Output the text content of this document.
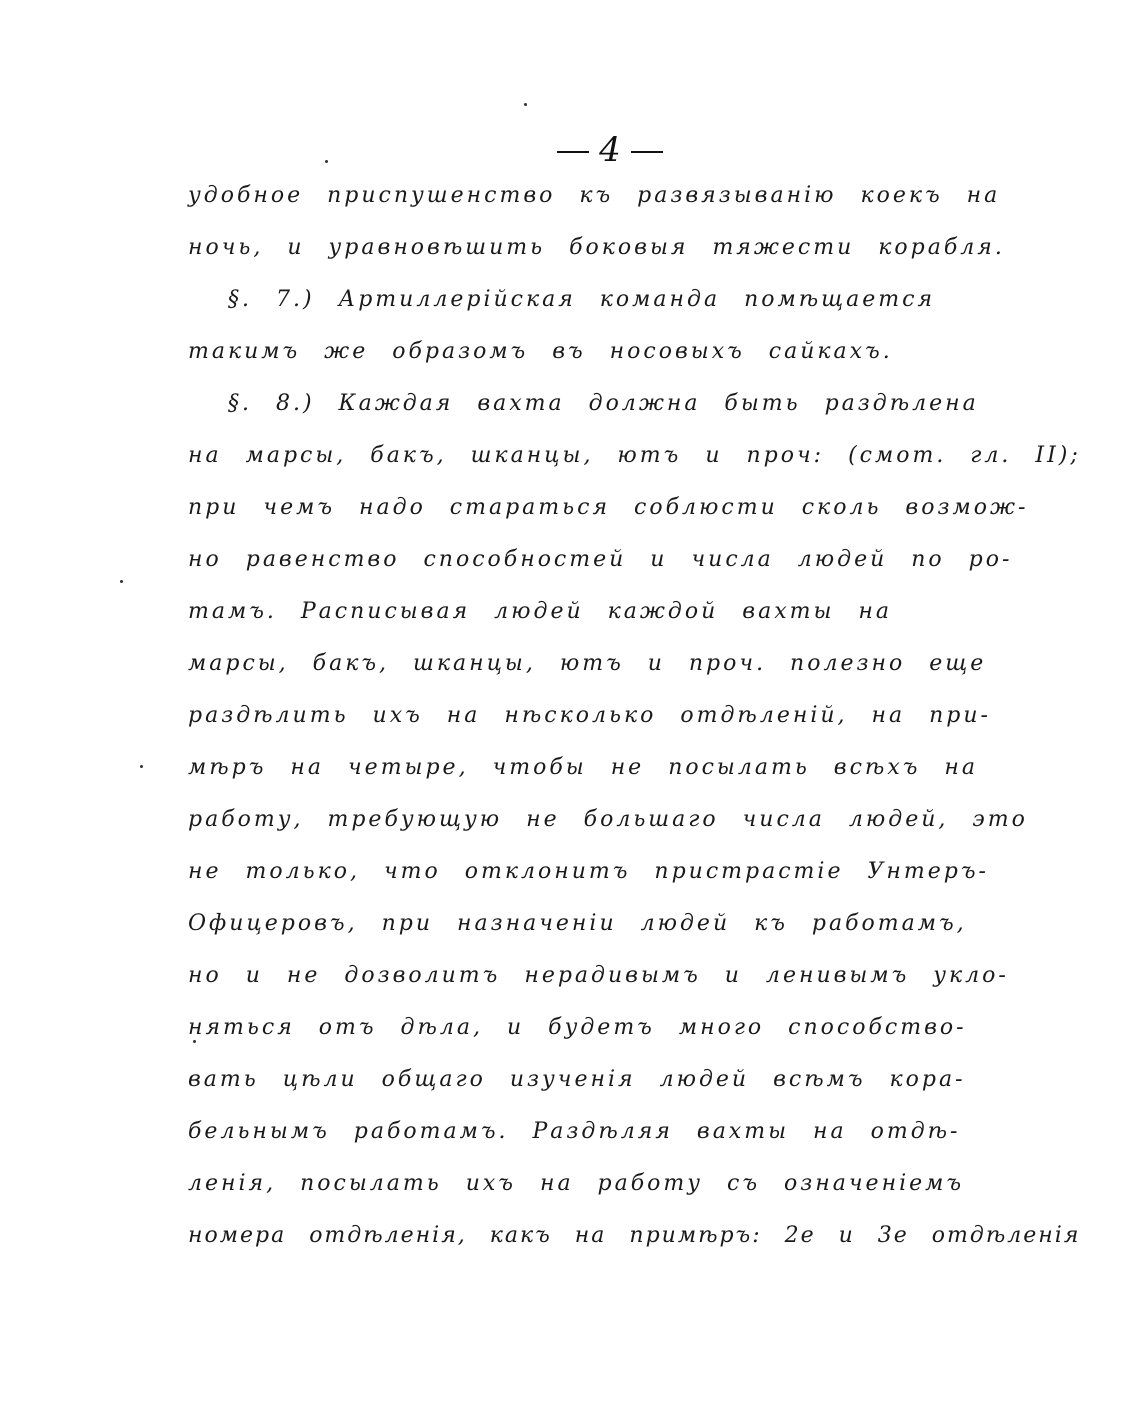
4
удобное приспушенство къ развязыванію коекъ на
ночь, и уравновѣшить боковыя тяжести корабля.
§. 7.) Артиллерійская команда помѣщается
такимъ же образомъ въ носовыхъ сайкахъ.
§. 8.) Каждая вахта должна быть раздѣлена
на марсы, бакъ, шканцы, ютъ и проч: (смот. гл. II);
при чемъ надо стараться соблюсти сколь возмож-
но равенство способностей и числа людей по ро-
тамъ. Расписывая людей каждой вахты на
марсы, бакъ, шканцы, ютъ и проч. полезно еще
раздѣлить ихъ на нѣсколько отдѣленій, на при-
мѣръ на четыре, чтобы не посылать всѣхъ на
работу, требующую не большаго числа людей, это
не только, что отклонитъ пристрастіе Унтеръ-
Офицеровъ, при назначеніи людей къ работамъ,
но и не дозволитъ нерадивымъ и ленивымъ укло-
няться отъ дѣла, и будетъ много способство-
вать цѣли общаго изученія людей всѣмъ кора-
бельнымъ работамъ. Раздѣляя вахты на отдѣ-
ленія, посылать ихъ на работу съ означеніемъ
номера отдѣленія, какъ на примѣръ: 2е и 3е отдѣленія
